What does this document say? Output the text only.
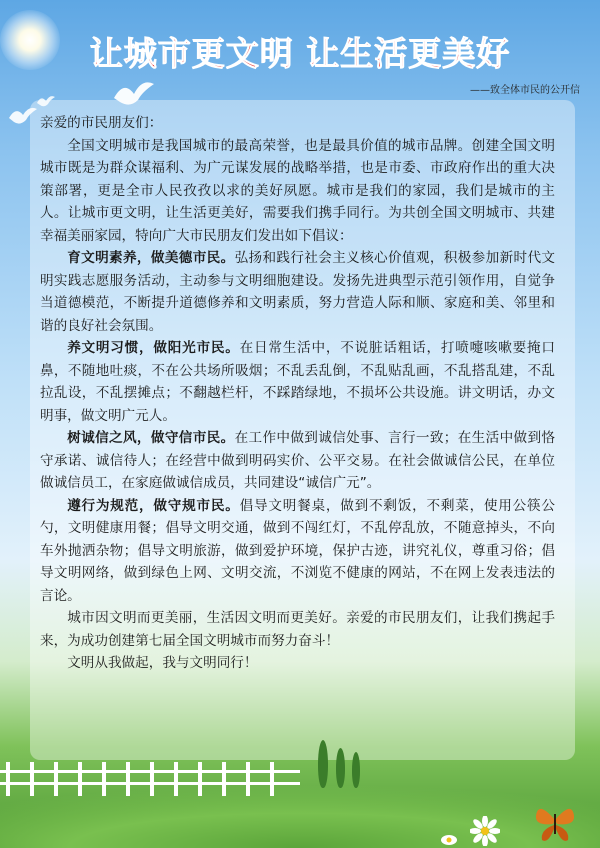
让城市更文明 让生活更美好
——致全体市民的公开信

亲爱的市民朋友们：

全国文明城市是我国城市的最高荣誉，也是最具价值的城市品牌。创建全国文明城市既是为群众谋福利、为广元谋发展的战略举措，也是市委、市政府作出的重大决策部署，更是全市人民孜孜以求的美好夙愿。城市是我们的家园，我们是城市的主人。让城市更文明，让生活更美好，需要我们携手同行。为共创全国文明城市、共建幸福美丽家园，特向广大市民朋友们发出如下倡议：

育文明素养，做美德市民。弘扬和践行社会主义核心价值观，积极参加新时代文明实践志愿服务活动，主动参与文明细胞建设。发扬先进典型示范引领作用，自觉争当道德模范，不断提升道德修养和文明素质，努力营造人际和顺、家庭和美、邻里和谐的良好社会氛围。

养文明习惯，做阳光市民。在日常生活中，不说脏话粗话，打喷嚏咳嗽要掩口鼻，不随地吐痰，不在公共场所吸烟；不乱丢乱倒，不乱贴乱画，不乱搭乱建，不乱拉乱设，不乱摆摊点；不翻越栏杆，不踩踏绿地，不损坏公共设施。讲文明话，办文明事，做文明广元人。

树诚信之风，做守信市民。在工作中做到诚信处事、言行一致；在生活中做到恪守承诺、诚信待人；在经营中做到明码实价、公平交易。在社会做诚信公民，在单位做诚信员工，在家庭做诚信成员，共同建设“诚信广元”。

遵行为规范，做守规市民。倡导文明餐桌，做到不剩饭，不剩菜，使用公筷公勺，文明健康用餐；倡导文明交通，做到不闯红灯，不乱停乱放，不随意掉头，不向车外抛洒杂物；倡导文明旅游，做到爱护环境，保护古迹，讲究礼仪，尊重习俗；倡导文明网络，做到绿色上网、文明交流，不浏览不健康的网站，不在网上发表违法的言论。

城市因文明而更美丽，生活因文明而更美好。亲爱的市民朋友们，让我们携起手来，为成功创建第七届全国文明城市而努力奋斗！

文明从我做起，我与文明同行！
